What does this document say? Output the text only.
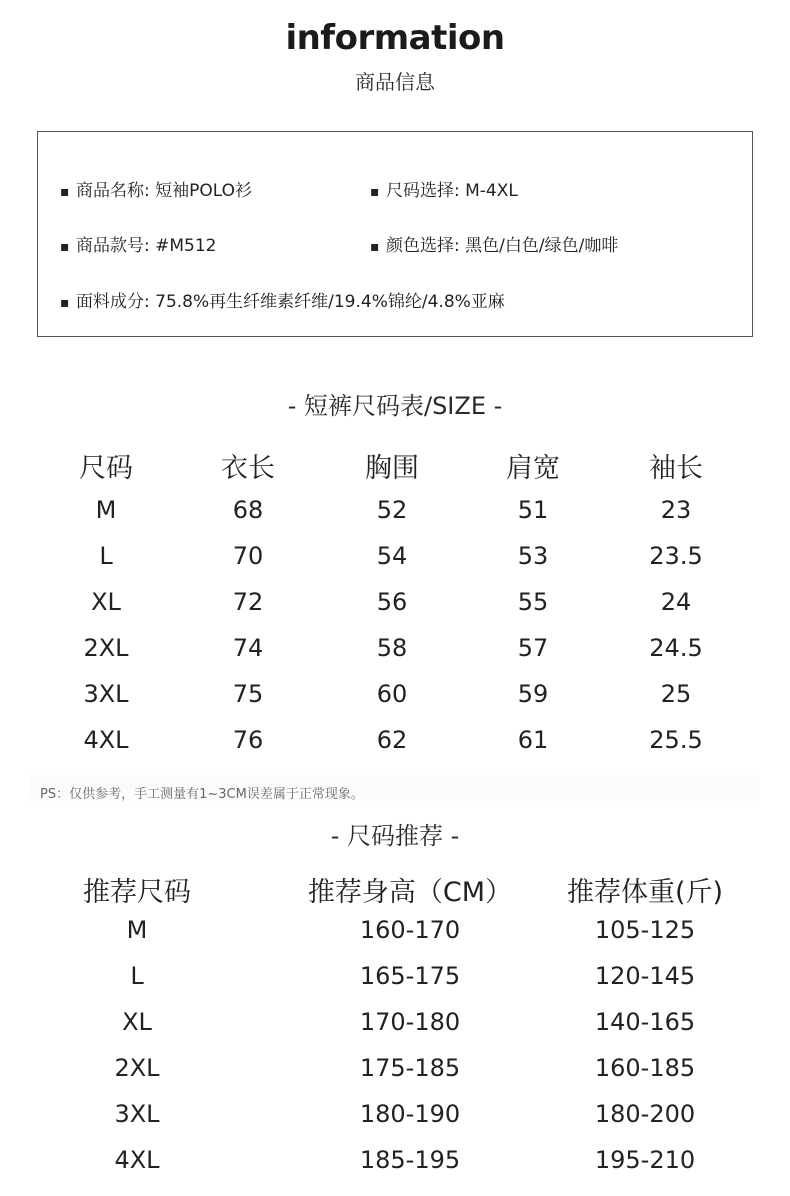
information
商品信息
▪ 商品名称: 短袖POLO衫	▪ 尺码选择: M-4XL
▪ 商品款号: #M512	▪ 颜色选择: 黑色/白色/绿色/咖啡
▪ 面料成分: 75.8%再生纤维素纤维/19.4%锦纶/4.8%亚麻
- 短裤尺码表/SIZE -
尺码	衣长	胸围	肩宽	袖长
M	68	52	51	23
L	70	54	53	23.5
XL	72	56	55	24
2XL	74	58	57	24.5
3XL	75	60	59	25
4XL	76	62	61	25.5
PS：仅供参考，手工测量有1~3CM误差属于正常现象。
- 尺码推荐 -
推荐尺码	推荐身高（CM） 推荐体重(斤)
M	160-170	105-125
L	165-175	120-145
XL	170-180	140-165
2XL	175-185	160-185
3XL	180-190	180-200
4XL	185-195	195-210
